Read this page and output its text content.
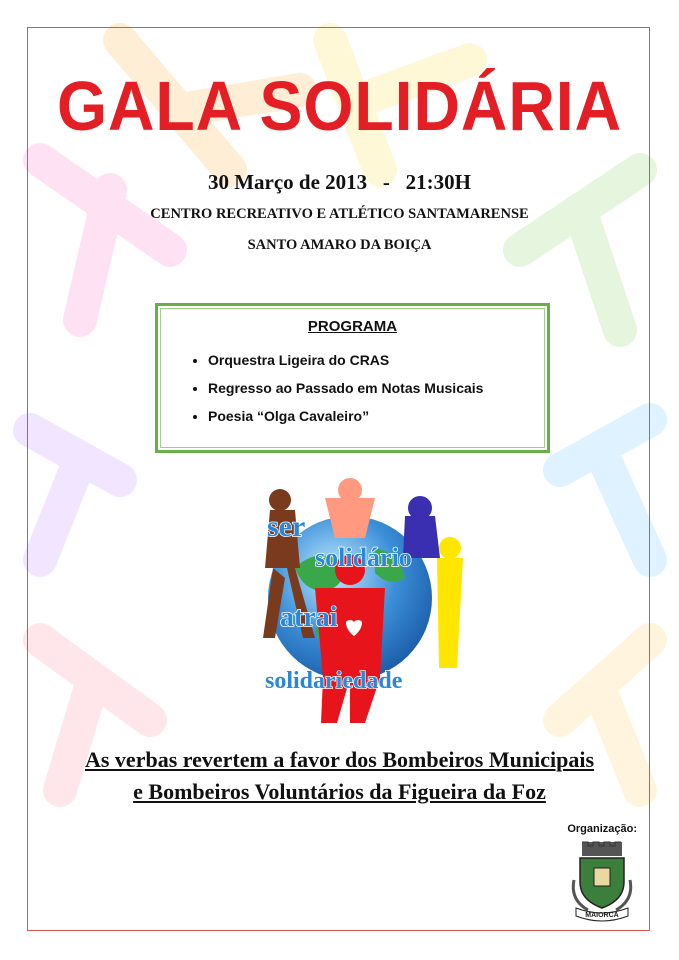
GALA SOLIDÁRIA
30 Março de 2013   -   21:30H
CENTRO RECREATIVO E ATLÉTICO SANTAMARENSE
SANTO AMARO DA BOIÇA
PROGRAMA
• Orquestra Ligeira do CRAS
• Regresso ao Passado em Notas Musicais
• Poesia “Olga Cavaleiro”
ser
solidário
atrai
solidariedade
As verbas revertem a favor dos Bombeiros Municipais
e Bombeiros Voluntários da Figueira da Foz
Organização:
MAIORCA
